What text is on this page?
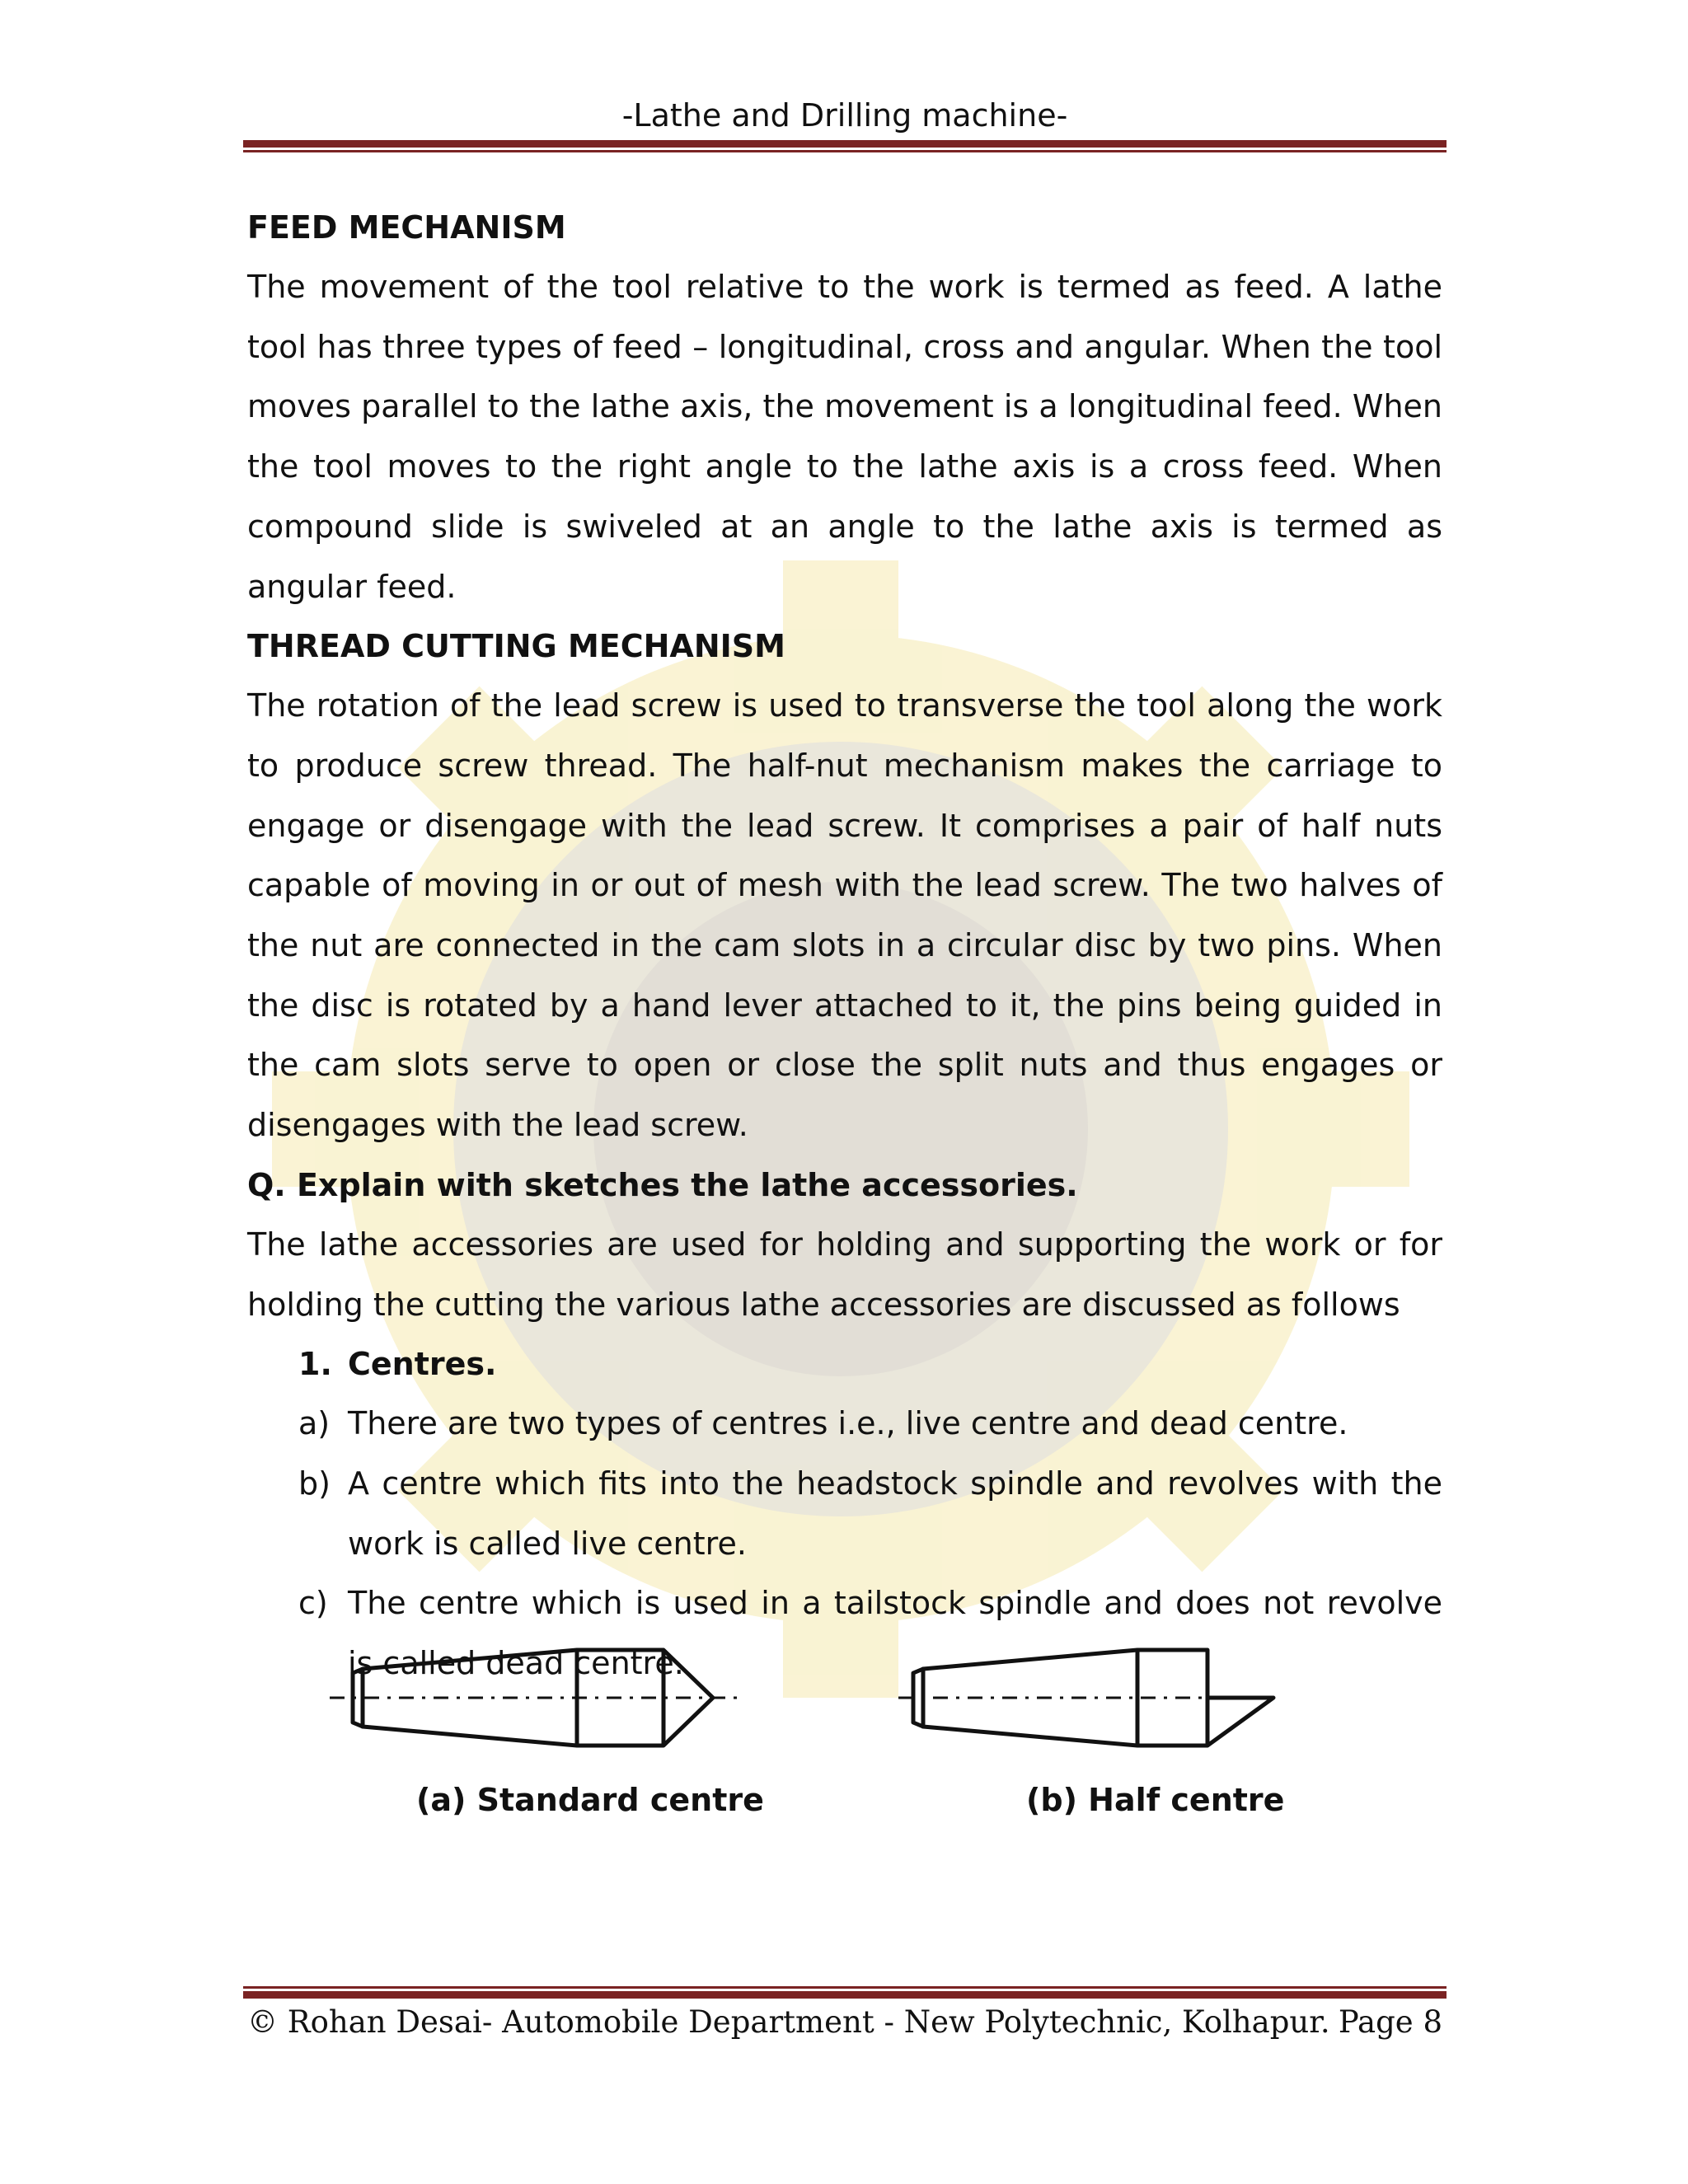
-Lathe and Drilling machine-
FEED MECHANISM

The movement of the tool relative to the work is termed as feed. A lathe tool has three types of feed – longitudinal, cross and angular. When the tool moves parallel to the lathe axis, the movement is a longitudinal feed. When the tool moves to the right angle to the lathe axis is a cross feed. When compound slide is swiveled at an angle to the lathe axis is termed as angular feed.

THREAD CUTTING MECHANISM

The rotation of the lead screw is used to transverse the tool along the work to produce screw thread. The half-nut mechanism makes the carriage to engage or disengage with the lead screw. It comprises a pair of half nuts capable of moving in or out of mesh with the lead screw. The two halves of the nut are connected in the cam slots in a circular disc by two pins. When the disc is rotated by a hand lever attached to it, the pins being guided in the cam slots serve to open or close the split nuts and thus engages or disengages with the lead screw.

Q. Explain with sketches the lathe accessories.

The lathe accessories are used for holding and supporting the work or for holding the cutting the various lathe accessories are discussed as follows

1. Centres.
a) There are two types of centres i.e., live centre and dead centre.
b) A centre which fits into the headstock spindle and revolves with the work is called live centre.
c) The centre which is used in a tailstock spindle and does not revolve is called dead centre.
(a) Standard centre	(b) Half centre
© Rohan Desai- Automobile Department - New Polytechnic, Kolhapur. Page 8
